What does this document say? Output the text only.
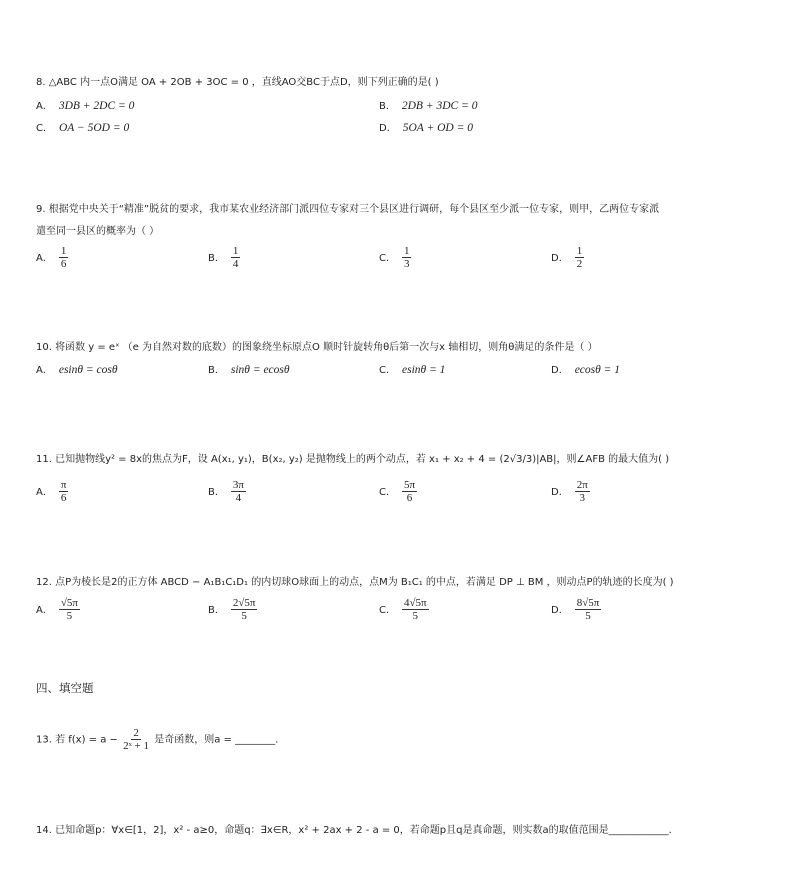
8. △ABC 内一点O满足 OA + 2OB + 3OC = 0 ，直线AO交BC于点D，则下列正确的是( )
A． 3DB + 2DC = 0	B． 2DB + 3DC = 0
C． OA − 5OD = 0	D． 5OA + OD = 0
9. 根据党中央关于“精准”脱贫的要求，我市某农业经济部门派四位专家对三个县区进行调研，每个县区至少派一位专家，则甲，乙两位专家派
遣至同一县区的概率为（ ）
A． $\frac{1}{6}$	B． $\frac{1}{4}$	C． $\frac{1}{3}$	D． $\frac{1}{2}$
10. 将函数 y = eˣ （e 为自然对数的底数）的图象绕坐标原点O 顺时针旋转角θ后第一次与x 轴相切，则角θ满足的条件是（ ）
A． esinθ = cosθ	B． sinθ = ecosθ	C． esinθ = 1	D． ecosθ = 1
11. 已知抛物线y² = 8x的焦点为F，设 A(x₁, y₁)，B(x₂, y₂) 是抛物线上的两个动点，若 x₁ + x₂ + 4 = (2√3/3)|AB|，则∠AFB 的最大值为( )
A． $\frac{\pi}{6}$	B． $\frac{3\pi}{4}$	C． $\frac{5\pi}{6}$	D． $\frac{2\pi}{3}$
12. 点P为棱长是2的正方体 ABCD − A₁B₁C₁D₁ 的内切球O球面上的动点，点M为 B₁C₁ 的中点，若满足 DP ⊥ BM ，则动点P的轨迹的长度为( )
A． $\frac{√5\pi}{5}$	B． $\frac{2√5\pi}{5}$	C． $\frac{4√5\pi}{5}$	D． $\frac{8√5\pi}{5}$
四、填空题
13. 若 $f(x) = a - \frac{2}{\text{2ˣ + 1}}$ 是奇函数，则a = ________.
14. 已知命题p：∀x∈[1，2]，x² - a≥0，命题q：∃x∈R，x² + 2ax + 2 - a = 0，若命题p且q是真命题，则实数a的取值范围是____________.
